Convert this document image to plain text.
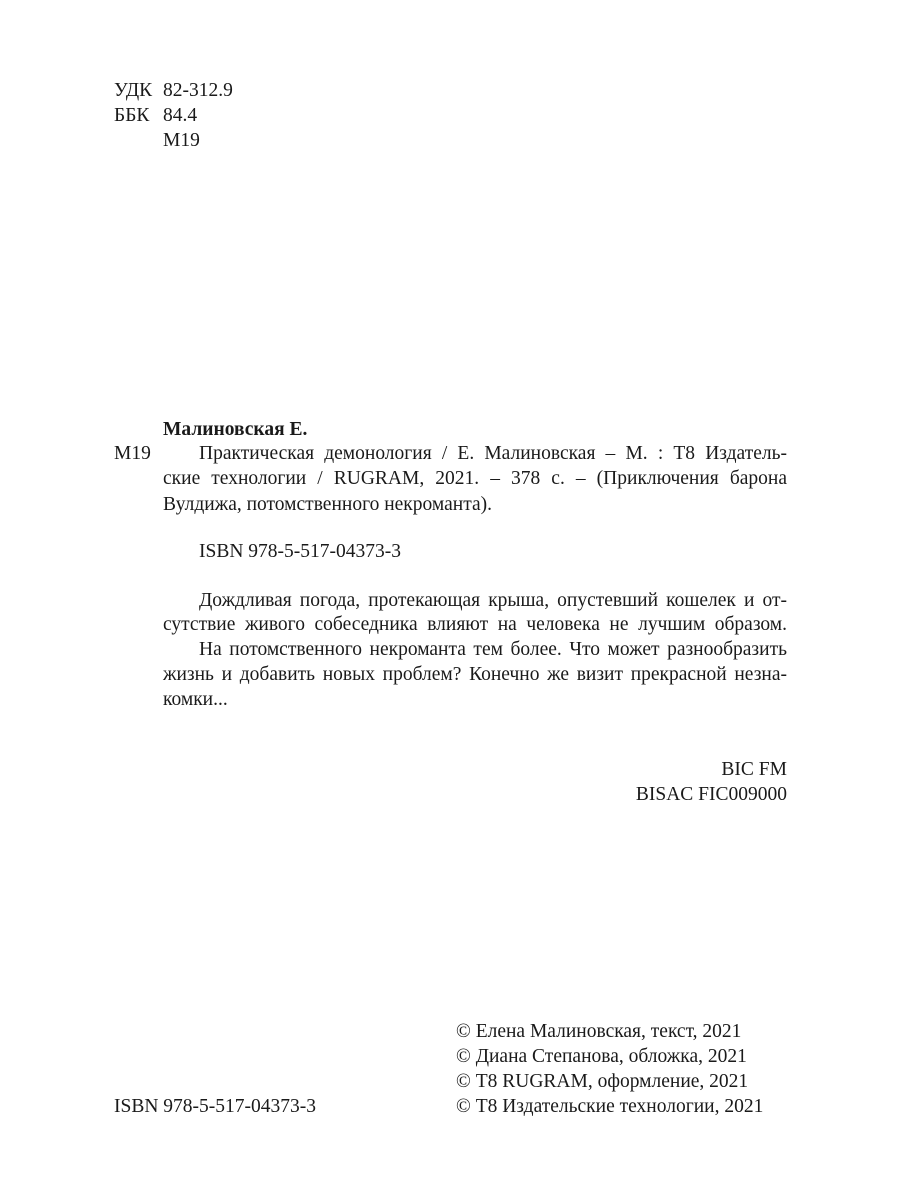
УДК 82-312.9
ББК 84.4
М19
Малиновская Е.
М19 Практическая демонология / Е. Малиновская – М. : Т8 Издатель-
ские технологии / RUGRAM, 2021. – 378 с. – (Приключения барона
Вулдижа, потомственного некроманта).
ISBN 978-5-517-04373-3
Дождливая погода, протекающая крыша, опустевший кошелек и от-
сутствие живого собеседника влияют на человека не лучшим образом.
На потомственного некроманта тем более. Что может разнообразить
жизнь и добавить новых проблем? Конечно же визит прекрасной незна-
комки...
BIC FM
BISAC FIC009000
ISBN 978-5-517-04373-3
© Елена Малиновская, текст, 2021
© Диана Степанова, обложка, 2021
© Т8 RUGRAM, оформление, 2021
© Т8 Издательские технологии, 2021
